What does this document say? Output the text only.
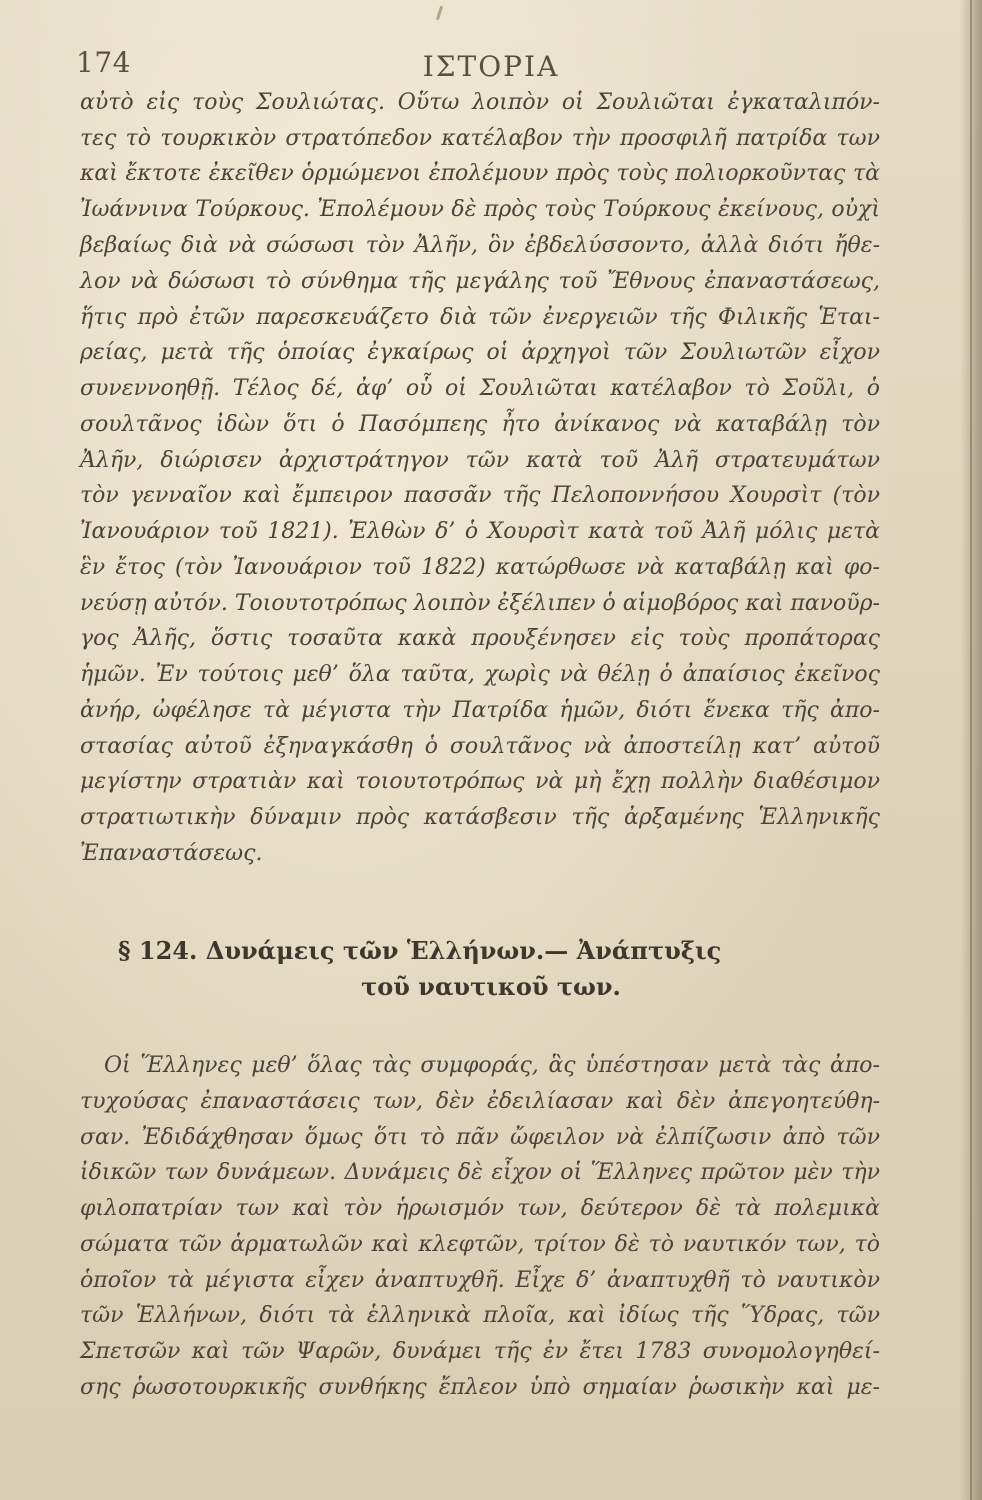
174	ΙΣΤΟΡΙΑ
αὐτὸ εἰς τοὺς Σουλιώτας. Οὕτω λοιπὸν οἱ Σουλιῶται ἐγκαταλιπόν-
τες τὸ τουρκικὸν στρατόπεδον κατέλαβον τὴν προσφιλῆ πατρίδα των
καὶ ἔκτοτε ἐκεῖθεν ὁρμώμενοι ἐπολέμουν πρὸς τοὺς πολιορκοῦντας τὰ
Ἰωάννινα Τούρκους. Ἐπολέμουν δὲ πρὸς τοὺς Τούρκους ἐκείνους, οὐχὶ
βεβαίως διὰ νὰ σώσωσι τὸν Ἀλῆν, ὃν ἐβδελύσσοντο, ἀλλὰ διότι ἤθε-
λον νὰ δώσωσι τὸ σύνθημα τῆς μεγάλης τοῦ Ἔθνους ἐπαναστάσεως,
ἥτις πρὸ ἐτῶν παρεσκευάζετο διὰ τῶν ἐνεργειῶν τῆς Φιλικῆς Ἑται-
ρείας, μετὰ τῆς ὁποίας ἐγκαίρως οἱ ἀρχηγοὶ τῶν Σουλιωτῶν εἶχον
συνεννοηθῇ. Τέλος δέ, ἀφ’ οὗ οἱ Σουλιῶται κατέλαβον τὸ Σοῦλι, ὁ
σουλτᾶνος ἰδὼν ὅτι ὁ Πασόμπεης ἦτο ἀνίκανος νὰ καταβάλῃ τὸν
Ἀλῆν, διώρισεν ἀρχιστράτηγον τῶν κατὰ τοῦ Ἀλῆ στρατευμάτων
τὸν γενναῖον καὶ ἔμπειρον πασσᾶν τῆς Πελοποννήσου Χουρσὶτ (τὸν
Ἰανουάριον τοῦ 1821). Ἐλθὼν δ’ ὁ Χουρσὶτ κατὰ τοῦ Ἀλῆ μόλις μετὰ
ἓν ἔτος (τὸν Ἰανουάριον τοῦ 1822) κατώρθωσε νὰ καταβάλῃ καὶ φο-
νεύσῃ αὐτόν. Τοιουτοτρόπως λοιπὸν ἐξέλιπεν ὁ αἱμοβόρος καὶ πανοῦρ-
γος Ἀλῆς, ὅστις τοσαῦτα κακὰ προυξένησεν εἰς τοὺς προπάτορας
ἡμῶν. Ἐν τούτοις μεθ’ ὅλα ταῦτα, χωρὶς νὰ θέλῃ ὁ ἀπαίσιος ἐκεῖνος
ἀνήρ, ὠφέλησε τὰ μέγιστα τὴν Πατρίδα ἡμῶν, διότι ἕνεκα τῆς ἀπο-
στασίας αὐτοῦ ἐξηναγκάσθη ὁ σουλτᾶνος νὰ ἀποστείλῃ κατ’ αὐτοῦ
μεγίστην στρατιὰν καὶ τοιουτοτρόπως νὰ μὴ ἔχῃ πολλὴν διαθέσιμον
στρατιωτικὴν δύναμιν πρὸς κατάσβεσιν τῆς ἀρξαμένης Ἑλληνικῆς
Ἐπαναστάσεως.
§ 124. Δυνάμεις τῶν Ἑλλήνων.— Ἀνάπτυξις
τοῦ ναυτικοῦ των.
Οἱ Ἕλληνες μεθ’ ὅλας τὰς συμφοράς, ἃς ὑπέστησαν μετὰ τὰς ἀπο-
τυχούσας ἐπαναστάσεις των, δὲν ἐδειλίασαν καὶ δὲν ἀπεγοητεύθη-
σαν. Ἐδιδάχθησαν ὅμως ὅτι τὸ πᾶν ὤφειλον νὰ ἐλπίζωσιν ἀπὸ τῶν
ἰδικῶν των δυνάμεων. Δυνάμεις δὲ εἶχον οἱ Ἕλληνες πρῶτον μὲν τὴν
φιλοπατρίαν των καὶ τὸν ἡρωισμόν των, δεύτερον δὲ τὰ πολεμικὰ
σώματα τῶν ἁρματωλῶν καὶ κλεφτῶν, τρίτον δὲ τὸ ναυτικόν των, τὸ
ὁποῖον τὰ μέγιστα εἶχεν ἀναπτυχθῆ. Εἶχε δ’ ἀναπτυχθῆ τὸ ναυτικὸν
τῶν Ἑλλήνων, διότι τὰ ἑλληνικὰ πλοῖα, καὶ ἰδίως τῆς Ὕδρας, τῶν
Σπετσῶν καὶ τῶν Ψαρῶν, δυνάμει τῆς ἐν ἔτει 1783 συνομολογηθεί-
σης ῥωσοτουρκικῆς συνθήκης ἔπλεον ὑπὸ σημαίαν ῥωσικὴν καὶ με-
